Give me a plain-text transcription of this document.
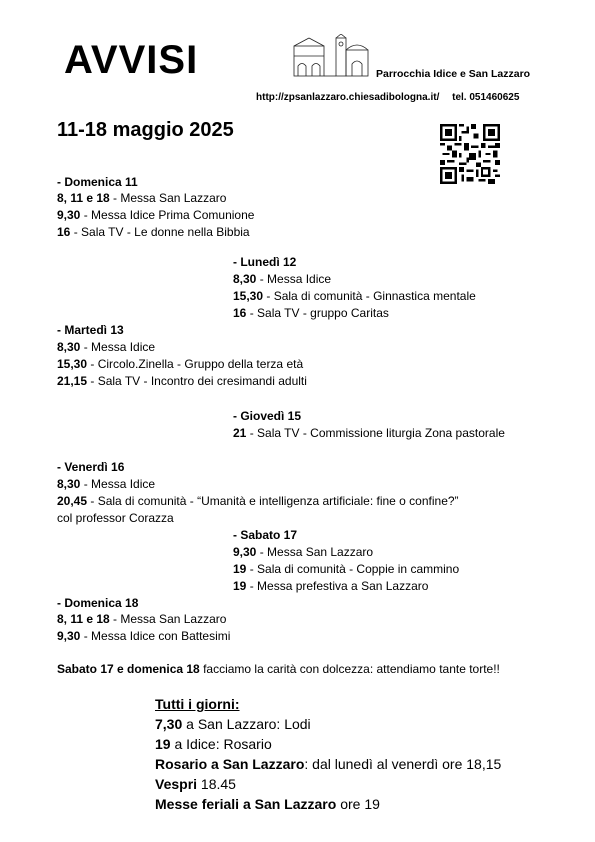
AVVISI	Parrocchia Idice e San Lazzaro
http://zpsanlazzaro.chiesadibologna.it/ tel. 051460625
11-18 maggio 2025
- Domenica 11
8, 11 e 18 - Messa San Lazzaro
9,30 - Messa Idice Prima Comunione
16 - Sala TV - Le donne nella Bibbia
- Lunedì 12
8,30 - Messa Idice
15,30 - Sala di comunità - Ginnastica mentale
16 - Sala TV - gruppo Caritas
- Martedì 13
8,30 - Messa Idice
15,30 - Circolo.Zinella - Gruppo della terza età
21,15 - Sala TV - Incontro dei cresimandi adulti
- Giovedì 15
21 - Sala TV - Commissione liturgia Zona pastorale
- Venerdì 16
8,30 - Messa Idice
20,45 - Sala di comunità - “Umanità e intelligenza artificiale: fine o confine?”
col professor Corazza
- Sabato 17
9,30 - Messa San Lazzaro
19 - Sala di comunità - Coppie in cammino
19 - Messa prefestiva a San Lazzaro
- Domenica 18
8, 11 e 18 - Messa San Lazzaro
9,30 - Messa Idice con Battesimi
Sabato 17 e domenica 18 facciamo la carità con dolcezza: attendiamo tante torte!!
Tutti i giorni:
7,30 a San Lazzaro: Lodi
19 a Idice: Rosario
Rosario a San Lazzaro: dal lunedì al venerdì ore 18,15
Vespri 18.45
Messe feriali a San Lazzaro ore 19
